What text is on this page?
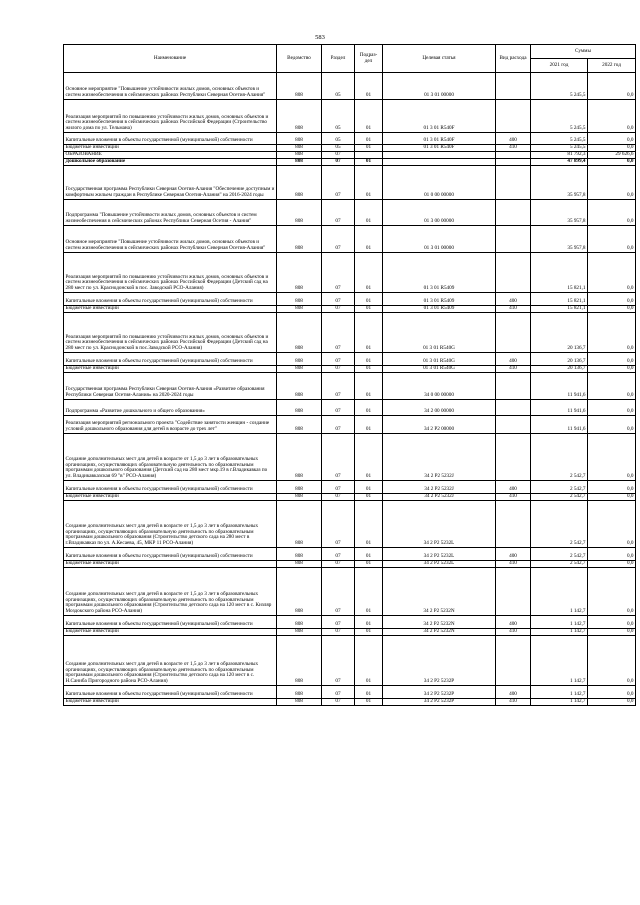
583
Наименование	Ведомство	Раздел	Подраз- дел	Целевая статья	Вид расхода	Суммы	
						2021 год	2022 год
Основное мероприятие "Повышение устойчивости жилых домов, основных объектов и систем жизнеобеспечения в сейсмических районах Республики Северная Осетия-Алания"	808	05	01	01 3 01 00000		5 245,5	0,0
Реализация мероприятий по повышению устойчивости жилых домов, основных объектов и систем жизнеобеспечения в сейсмических районах Российской Федерации (Строительство жилого дома по ул. Тельмана)	808	05	01	01 3 01 R540F		5 245,5	0,0
Капитальные вложения в объекты государственной (муниципальной) собственности	808	05	01	01 3 01 R540F	400	5 245,5	0,0
Бюджетные инвестиции	808	05	01	01 3 01 R540F	410	5 245,5	0,0
ОБРАЗОВАНИЕ	808	07				81 792,3	29 626,6
Дошкольное образование	808	07	01			47 899,4	0,0
Государственная программа Республики Северная Осетия-Алания "Обеспечение доступным и комфортным жильем граждан в Республике Северная Осетия-Алания" на 2016-2024 годы	808	07	01	01 0 00 00000		35 957,8	0,0
Подпрограмма "Повышение устойчивости жилых домов, основных объектов и систем жизнеобеспечения в сейсмических районах Республики Северная Осетия - Алания"	808	07	01	01 3 00 00000		35 957,8	0,0
Основное мероприятие "Повышение устойчивости жилых домов, основных объектов и систем жизнеобеспечения в сейсмических районах Республики Северная Осетия-Алания"	808	07	01	01 3 01 00000		35 957,8	0,0
Реализация мероприятий по повышению устойчивости жилых домов, основных объектов и систем жизнеобеспечения в сейсмических районах Российской Федерации (Детский сад на 280 мест по ул. Краснодонской в пос. Заводской РСО-Алания)	808	07	01	01 3 01 R5409		15 821,1	0,0
Капитальные вложения в объекты государственной (муниципальной) собственности	808	07	01	01 3 01 R5409	400	15 821,1	0,0
Бюджетные инвестиции	808	07	01	01 3 01 R5409	410	15 821,1	0,0
Реализация мероприятий по повышению устойчивости жилых домов, основных объектов и систем жизнеобеспечения в сейсмических районах Российской Федерации (Детский сад на 280 мест по ул. Краснодонской в пос.Заводской РСО-Алания)	808	07	01	01 3 01 R540G		20 136,7	0,0
Капитальные вложения в объекты государственной (муниципальной) собственности	808	07	01	01 3 01 R540G	400	20 136,7	0,0
Бюджетные инвестиции	808	07	01	01 3 01 R540G	410	20 136,7	0,0
Государственная программа Республики Северная Осетия-Алания «Развитие образования Республики Северная Осетия-Алания» на 2020-2024 годы	808	07	01	34 0 00 00000		11 941,6	0,0
Подпрограмма «Развитие дошкольного и общего образования»	808	07	01	34 2 00 00000		11 941,6	0,0
Реализация мероприятий регионального проекта "Содействие занятости женщин - создание условий дошкольного образования для детей в возрасте до трех лет"	808	07	01	34 2 P2 00000		11 941,6	0,0
Создание дополнительных мест для детей в возрасте от 1,5 до 3 лет в образовательных организациях, осуществляющих образовательную деятельность по образовательным программам дошкольного образования (Детский сад на 280 мест мкр.19 в г.Владикавказ по ул. Владикавказская 69 "в" РСО-Алания)	808	07	01	34 2 P2 5232J		2 542,7	0,0
Капитальные вложения в объекты государственной (муниципальной) собственности	808	07	01	34 2 P2 5232J	400	2 542,7	0,0
Бюджетные инвестиции	808	07	01	34 2 P2 5232J	410	2 542,7	0,0
Создание дополнительных мест для детей в возрасте от 1,5 до 3 лет в образовательных организациях, осуществляющих образовательную деятельность по образовательным программам дошкольного образования (Строительство детского сада на 280 мест в г.Владикавказ по ул. А.Кесаева, 45, МКР 11 РСО-Алания)	808	07	01	34 2 P2 5232L		2 542,7	0,0
Капитальные вложения в объекты государственной (муниципальной) собственности	808	07	01	34 2 P2 5232L	400	2 542,7	0,0
Бюджетные инвестиции	808	07	01	34 2 P2 5232L	410	2 542,7	0,0
Создание дополнительных мест для детей в возрасте от 1,5 до 3 лет в образовательных организациях, осуществляющих образовательную деятельность по образовательным программам дошкольного образования (Строительство детского сада на 120 мест в с. Кизляр Моздокского района РСО-Алания)	808	07	01	34 2 P2 5232N		1 142,7	0,0
Капитальные вложения в объекты государственной (муниципальной) собственности	808	07	01	34 2 P2 5232N	400	1 142,7	0,0
Бюджетные инвестиции	808	07	01	34 2 P2 5232N	410	1 142,7	0,0
Создание дополнительных мест для детей в возрасте от 1,5 до 3 лет в образовательных организациях, осуществляющих образовательную деятельность по образовательным программам дошкольного образования (Строительство детского сада на 120 мест в с. Н.Саниба Пригородного района РСО-Алания)	808	07	01	34 2 P2 5232P		1 142,7	0,0
Капитальные вложения в объекты государственной (муниципальной) собственности	808	07	01	34 2 P2 5232P	400	1 142,7	0,0
Бюджетные инвестиции	808	07	01	34 2 P2 5232P	410	1 142,7	0,0
